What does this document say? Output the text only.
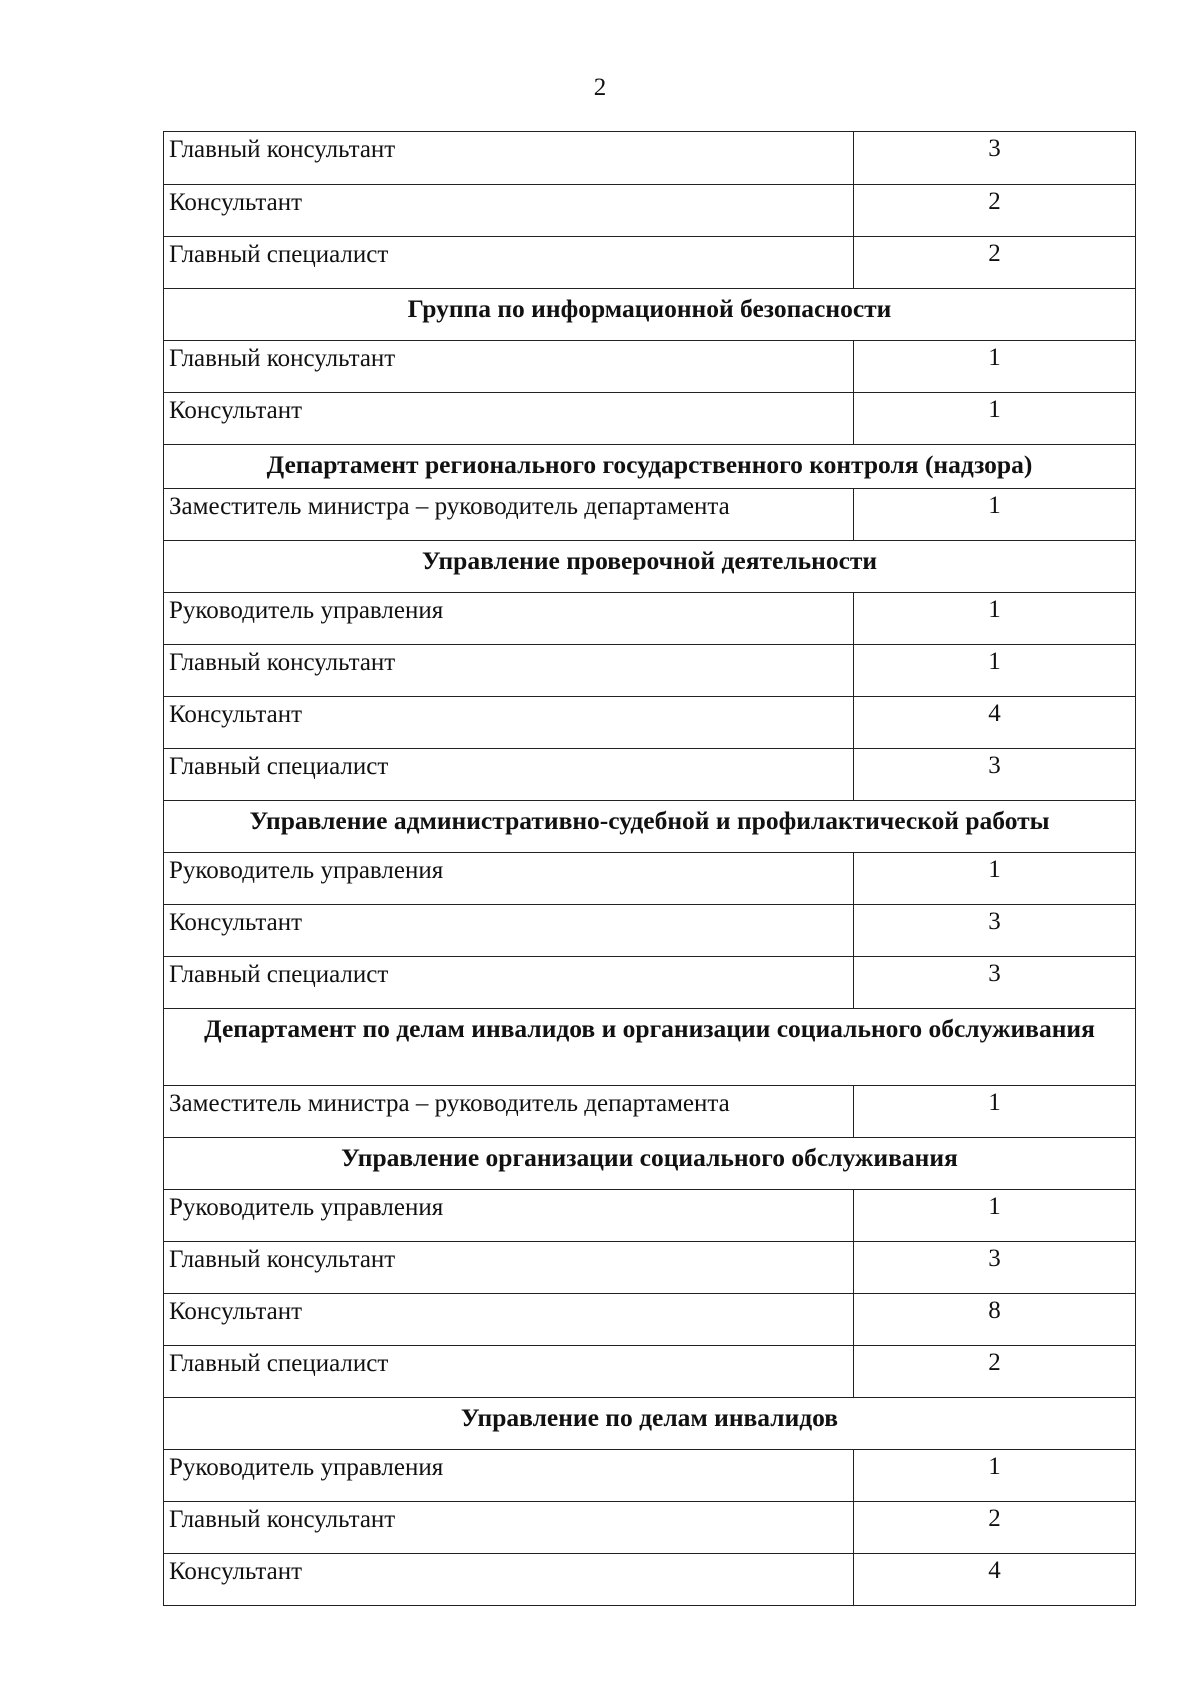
2
Главный консультант	3
Консультант	2
Главный специалист	2
Группа по информационной безопасности	
Главный консультант	1
Консультант	1
Департамент регионального государственного контроля (надзора)	
Заместитель министра – руководитель департамента	1
Управление проверочной деятельности	
Руководитель управления	1
Главный консультант	1
Консультант	4
Главный специалист	3
Управление административно-судебной и профилактической работы	
Руководитель управления	1
Консультант	3
Главный специалист	3
Департамент по делам инвалидов и организации социального обслуживания	
Заместитель министра – руководитель департамента	1
Управление организации социального обслуживания	
Руководитель управления	1
Главный консультант	3
Консультант	8
Главный специалист	2
Управление по делам инвалидов	
Руководитель управления	1
Главный консультант	2
Консультант	4
